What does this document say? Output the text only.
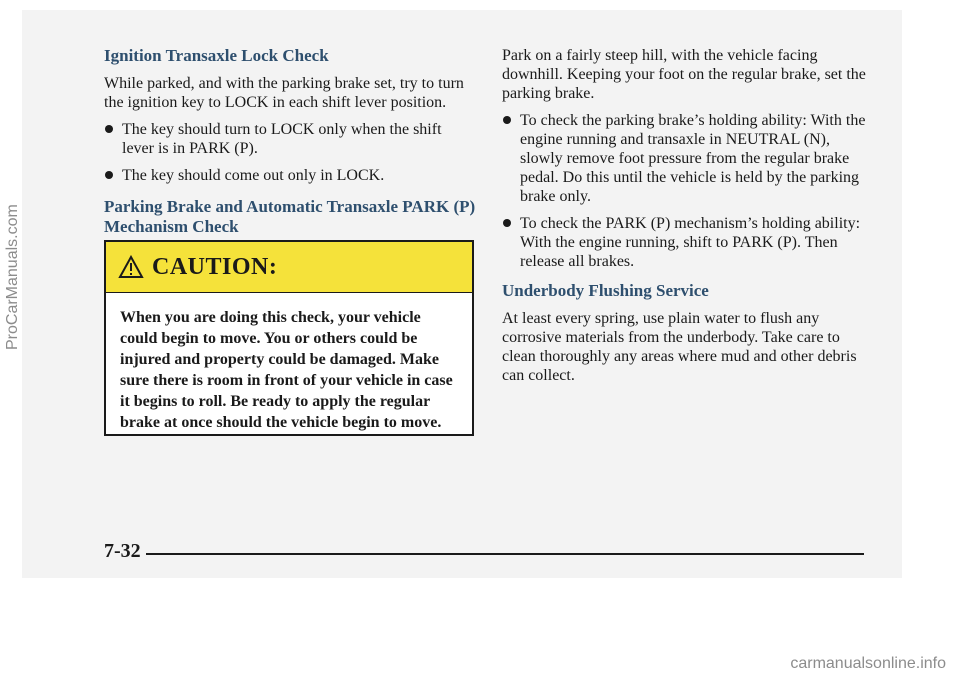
Ignition Transaxle Lock Check

While parked, and with the parking brake set, try to turn the ignition key to LOCK in each shift lever position.

The key should turn to LOCK only when the shift lever is in PARK (P).
The key should come out only in LOCK.
Parking Brake and Automatic Transaxle PARK (P) Mechanism Check
CAUTION:
When you are doing this check, your vehicle could begin to move. You or others could be injured and property could be damaged. Make sure there is room in front of your vehicle in case it begins to roll. Be ready to apply the regular brake at once should the vehicle begin to move.

Park on a fairly steep hill, with the vehicle facing downhill. Keeping your foot on the regular brake, set the parking brake.

To check the parking brake’s holding ability: With the engine running and transaxle in NEUTRAL (N), slowly remove foot pressure from the regular brake pedal. Do this until the vehicle is held by the parking brake only.
To check the PARK (P) mechanism’s holding ability: With the engine running, shift to PARK (P). Then release all brakes.
Underbody Flushing Service

At least every spring, use plain water to flush any corrosive materials from the underbody. Take care to clean thoroughly any areas where mud and other debris can collect.

7-32
ProCarManuals.com
carmanualsonline.info
